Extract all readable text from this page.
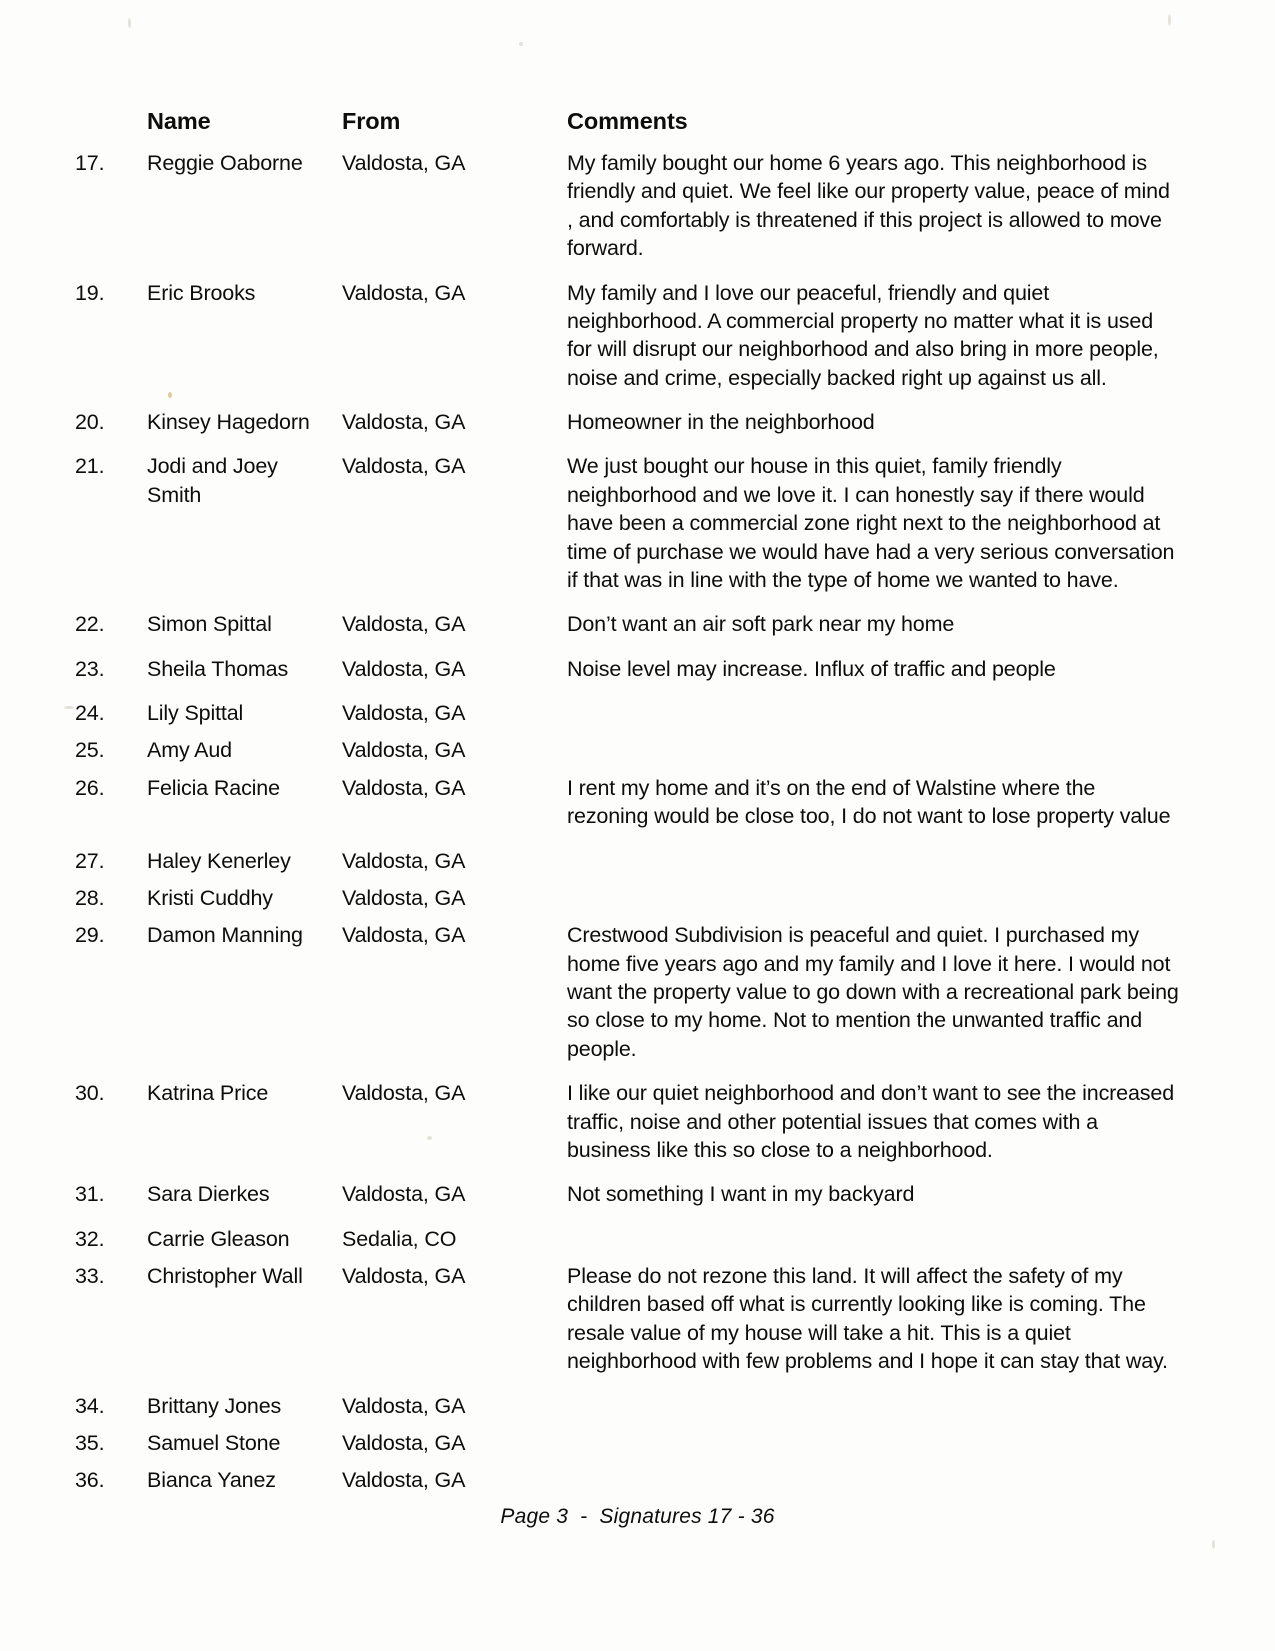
	Name	From	Comments
17.	Reggie Oaborne	Valdosta, GA	My family bought our home 6 years ago. This neighborhood is friendly and quiet. We feel like our property value, peace of mind , and comfortably is threatened if this project is allowed to move forward.
19.	Eric Brooks	Valdosta, GA	My family and I love our peaceful, friendly and quiet neighborhood. A commercial property no matter what it is used for will disrupt our neighborhood and also bring in more people, noise and crime, especially backed right up against us all.
20.	Kinsey Hagedorn	Valdosta, GA	Homeowner in the neighborhood
21.	Jodi and Joey Smith	Valdosta, GA	We just bought our house in this quiet, family friendly neighborhood and we love it. I can honestly say if there would have been a commercial zone right next to the neighborhood at time of purchase we would have had a very serious conversation if that was in line with the type of home we wanted to have.
22.	Simon Spittal	Valdosta, GA	Don’t want an air soft park near my home
23.	Sheila Thomas	Valdosta, GA	Noise level may increase. Influx of traffic and people
24.	Lily Spittal	Valdosta, GA	
25.	Amy Aud	Valdosta, GA	
26.	Felicia Racine	Valdosta, GA	I rent my home and it’s on the end of Walstine where the rezoning would be close too, I do not want to lose property value
27.	Haley Kenerley	Valdosta, GA	
28.	Kristi Cuddhy	Valdosta, GA	
29.	Damon Manning	Valdosta, GA	Crestwood Subdivision is peaceful and quiet. I purchased my home five years ago and my family and I love it here. I would not want the property value to go down with a recreational park being so close to my home. Not to mention the unwanted traffic and people.
30.	Katrina Price	Valdosta, GA	I like our quiet neighborhood and don’t want to see the increased traffic, noise and other potential issues that comes with a business like this so close to a neighborhood.
31.	Sara Dierkes	Valdosta, GA	Not something I want in my backyard
32.	Carrie Gleason	Sedalia, CO	
33.	Christopher Wall	Valdosta, GA	Please do not rezone this land. It will affect the safety of my children based off what is currently looking like is coming. The resale value of my house will take a hit. This is a quiet neighborhood with few problems and I hope it can stay that way.
34.	Brittany Jones	Valdosta, GA	
35.	Samuel Stone	Valdosta, GA	
36.	Bianca Yanez	Valdosta, GA	
Page 3 - Signatures 17 - 36
